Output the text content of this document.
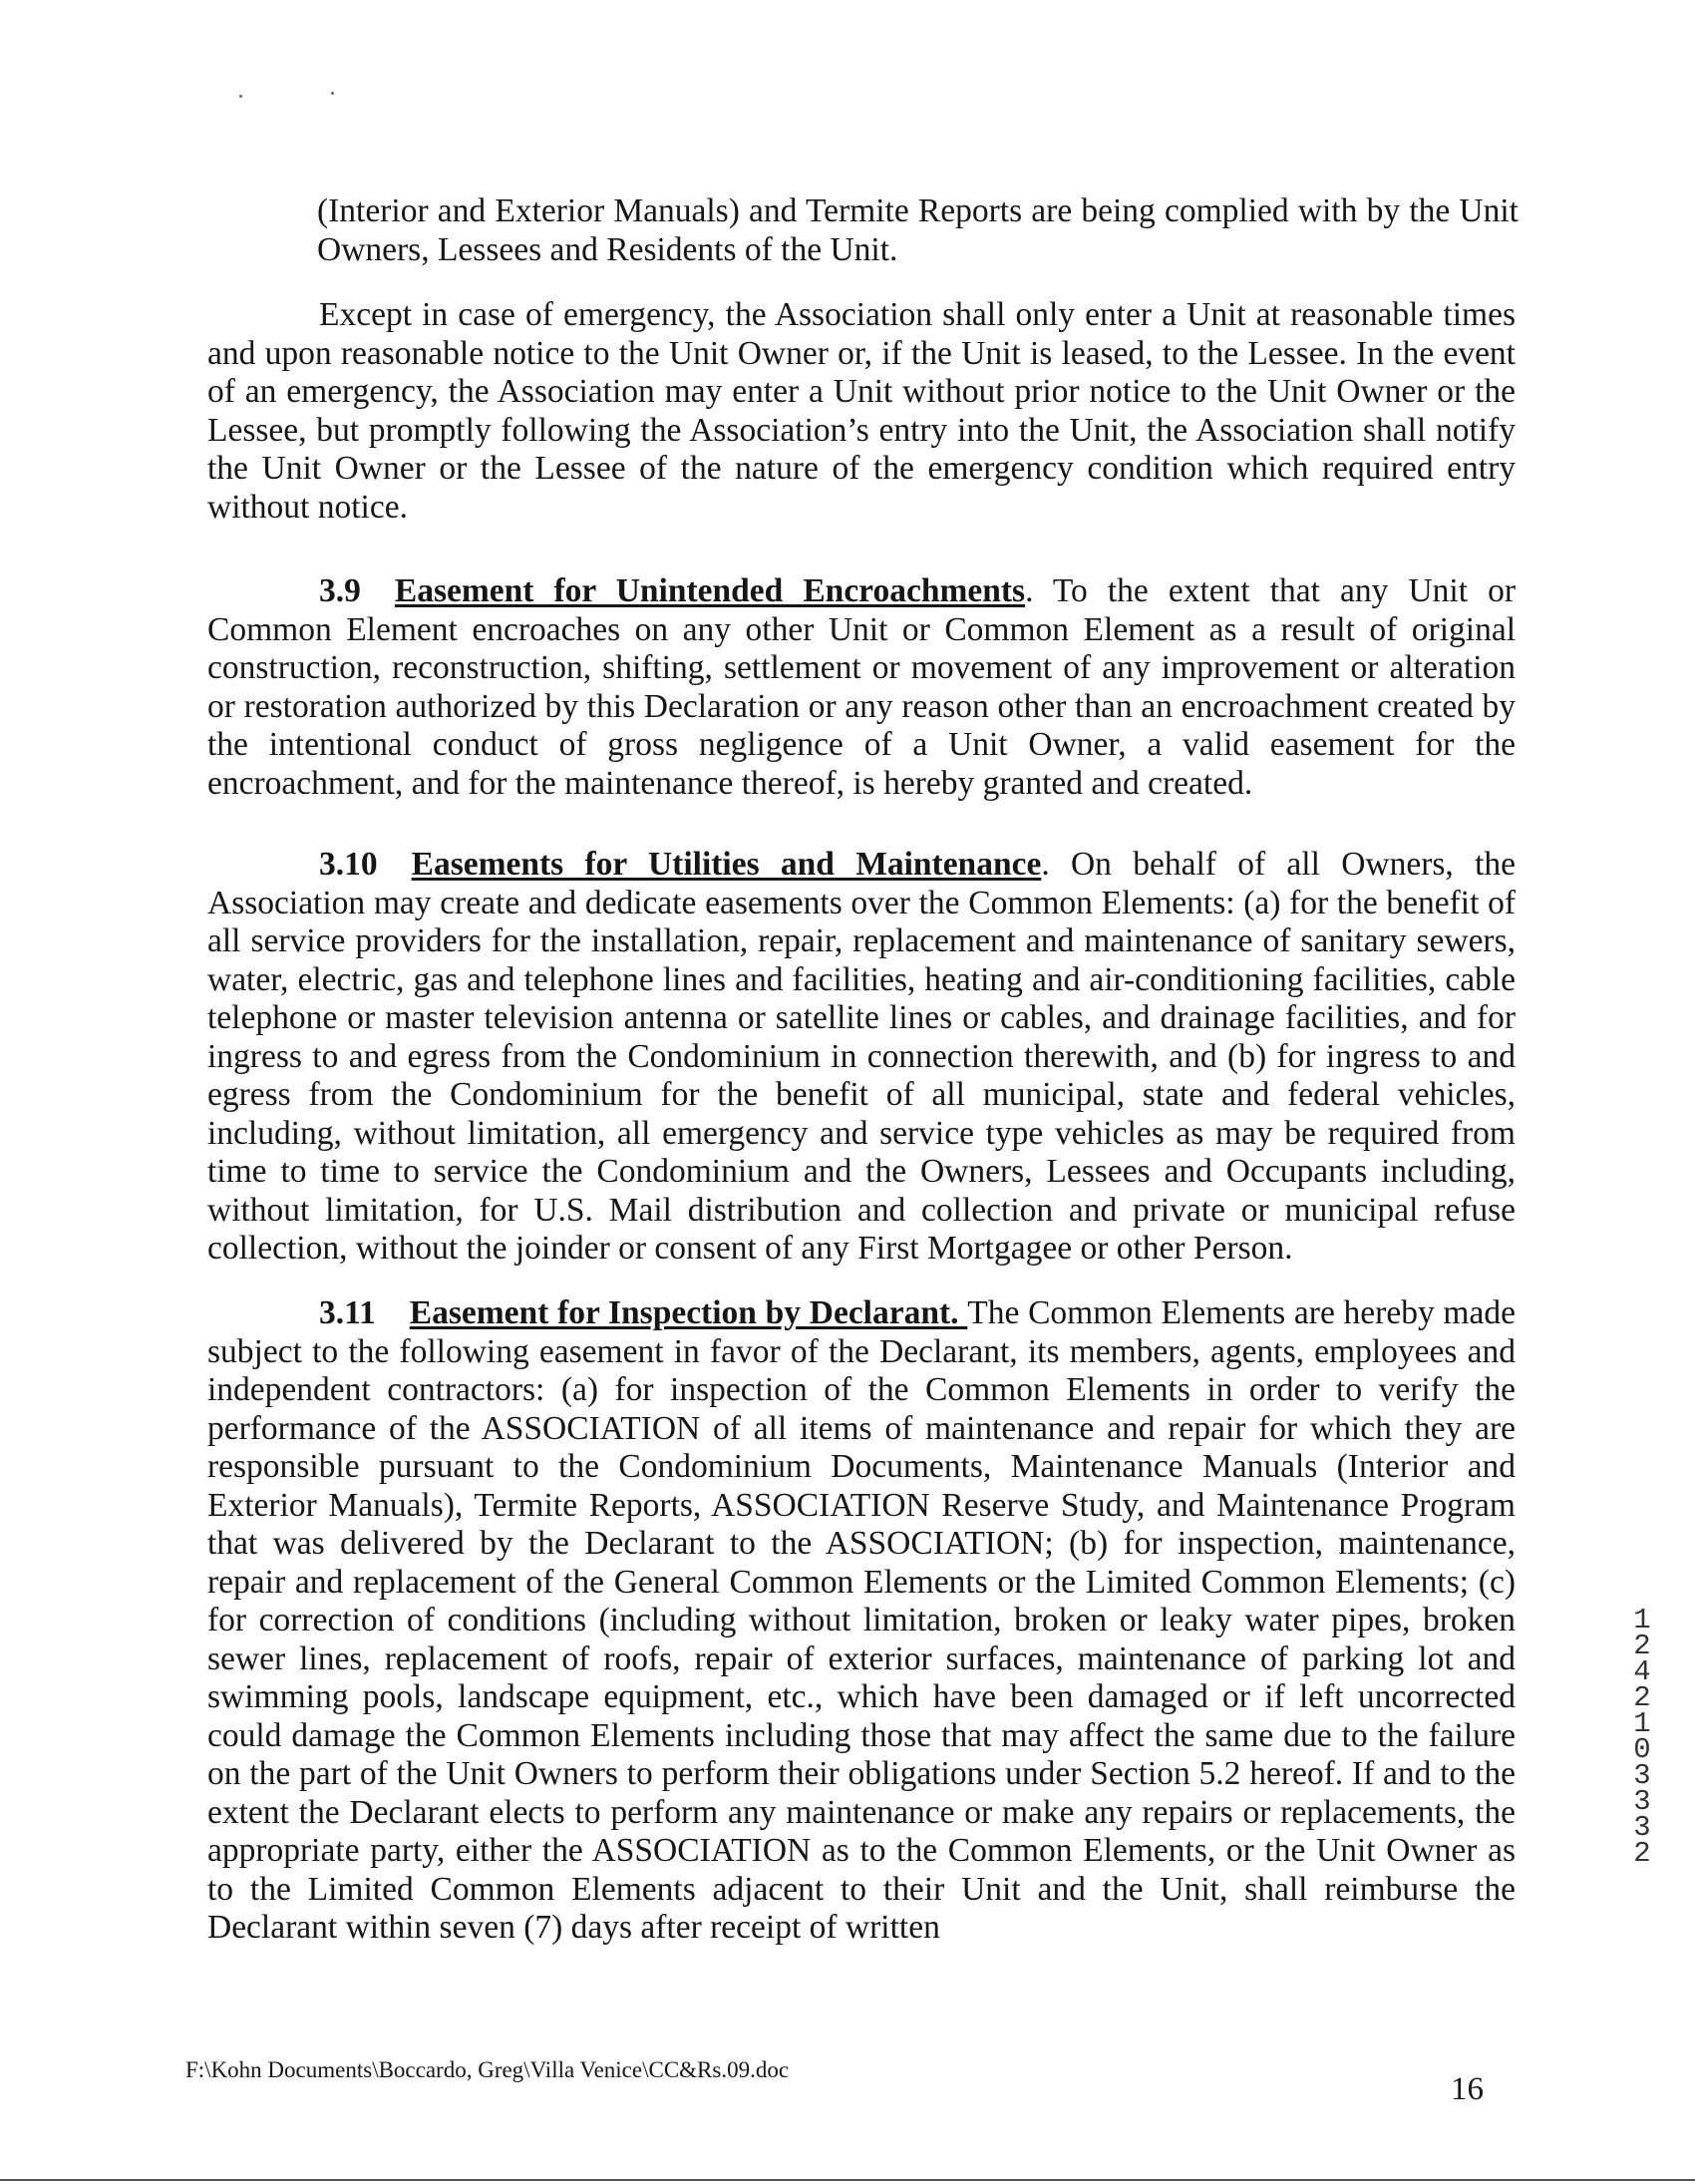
(Interior and Exterior Manuals) and Termite Reports are being complied with by the Unit Owners, Lessees and Residents of the Unit.

Except in case of emergency, the Association shall only enter a Unit at reasonable times and upon reasonable notice to the Unit Owner or, if the Unit is leased, to the Lessee. In the event of an emergency, the Association may enter a Unit without prior notice to the Unit Owner or the Lessee, but promptly following the Association’s entry into the Unit, the Association shall notify the Unit Owner or the Lessee of the nature of the emergency condition which required entry without notice.

3.9 Easement for Unintended Encroachments. To the extent that any Unit or Common Element encroaches on any other Unit or Common Element as a result of original construction, reconstruction, shifting, settlement or movement of any improvement or alteration or restoration authorized by this Declaration or any reason other than an encroachment created by the intentional conduct of gross negligence of a Unit Owner, a valid easement for the encroachment, and for the maintenance thereof, is hereby granted and created.

3.10 Easements for Utilities and Maintenance. On behalf of all Owners, the Association may create and dedicate easements over the Common Elements: (a) for the benefit of all service providers for the installation, repair, replacement and maintenance of sanitary sewers, water, electric, gas and telephone lines and facilities, heating and air-conditioning facilities, cable telephone or master television antenna or satellite lines or cables, and drainage facilities, and for ingress to and egress from the Condominium in connection therewith, and (b) for ingress to and egress from the Condominium for the benefit of all municipal, state and federal vehicles, including, without limitation, all emergency and service type vehicles as may be required from time to time to service the Condominium and the Owners, Lessees and Occupants including, without limitation, for U.S. Mail distribution and collection and private or municipal refuse collection, without the joinder or consent of any First Mortgagee or other Person.

3.11 Easement for Inspection by Declarant. The Common Elements are hereby made subject to the following easement in favor of the Declarant, its members, agents, employees and independent contractors: (a) for inspection of the Common Elements in order to verify the performance of the ASSOCIATION of all items of maintenance and repair for which they are responsible pursuant to the Condominium Documents, Maintenance Manuals (Interior and Exterior Manuals), Termite Reports, ASSOCIATION Reserve Study, and Maintenance Program that was delivered by the Declarant to the ASSOCIATION; (b) for inspection, maintenance, repair and replacement of the General Common Elements or the Limited Common Elements; (c) for correction of conditions (including without limitation, broken or leaky water pipes, broken sewer lines, replacement of roofs, repair of exterior surfaces, maintenance of parking lot and swimming pools, landscape equipment, etc., which have been damaged or if left uncorrected could damage the Common Elements including those that may affect the same due to the failure on the part of the Unit Owners to perform their obligations under Section 5.2 hereof. If and to the extent the Declarant elects to perform any maintenance or make any repairs or replacements, the appropriate party, either the ASSOCIATION as to the Common Elements, or the Unit Owner as to the Limited Common Elements adjacent to their Unit and the Unit, shall reimburse the Declarant within seven (7) days after receipt of written

1242103332
F:\Kohn Documents\Boccardo, Greg\Villa Venice\CC&Rs.09.doc
16
